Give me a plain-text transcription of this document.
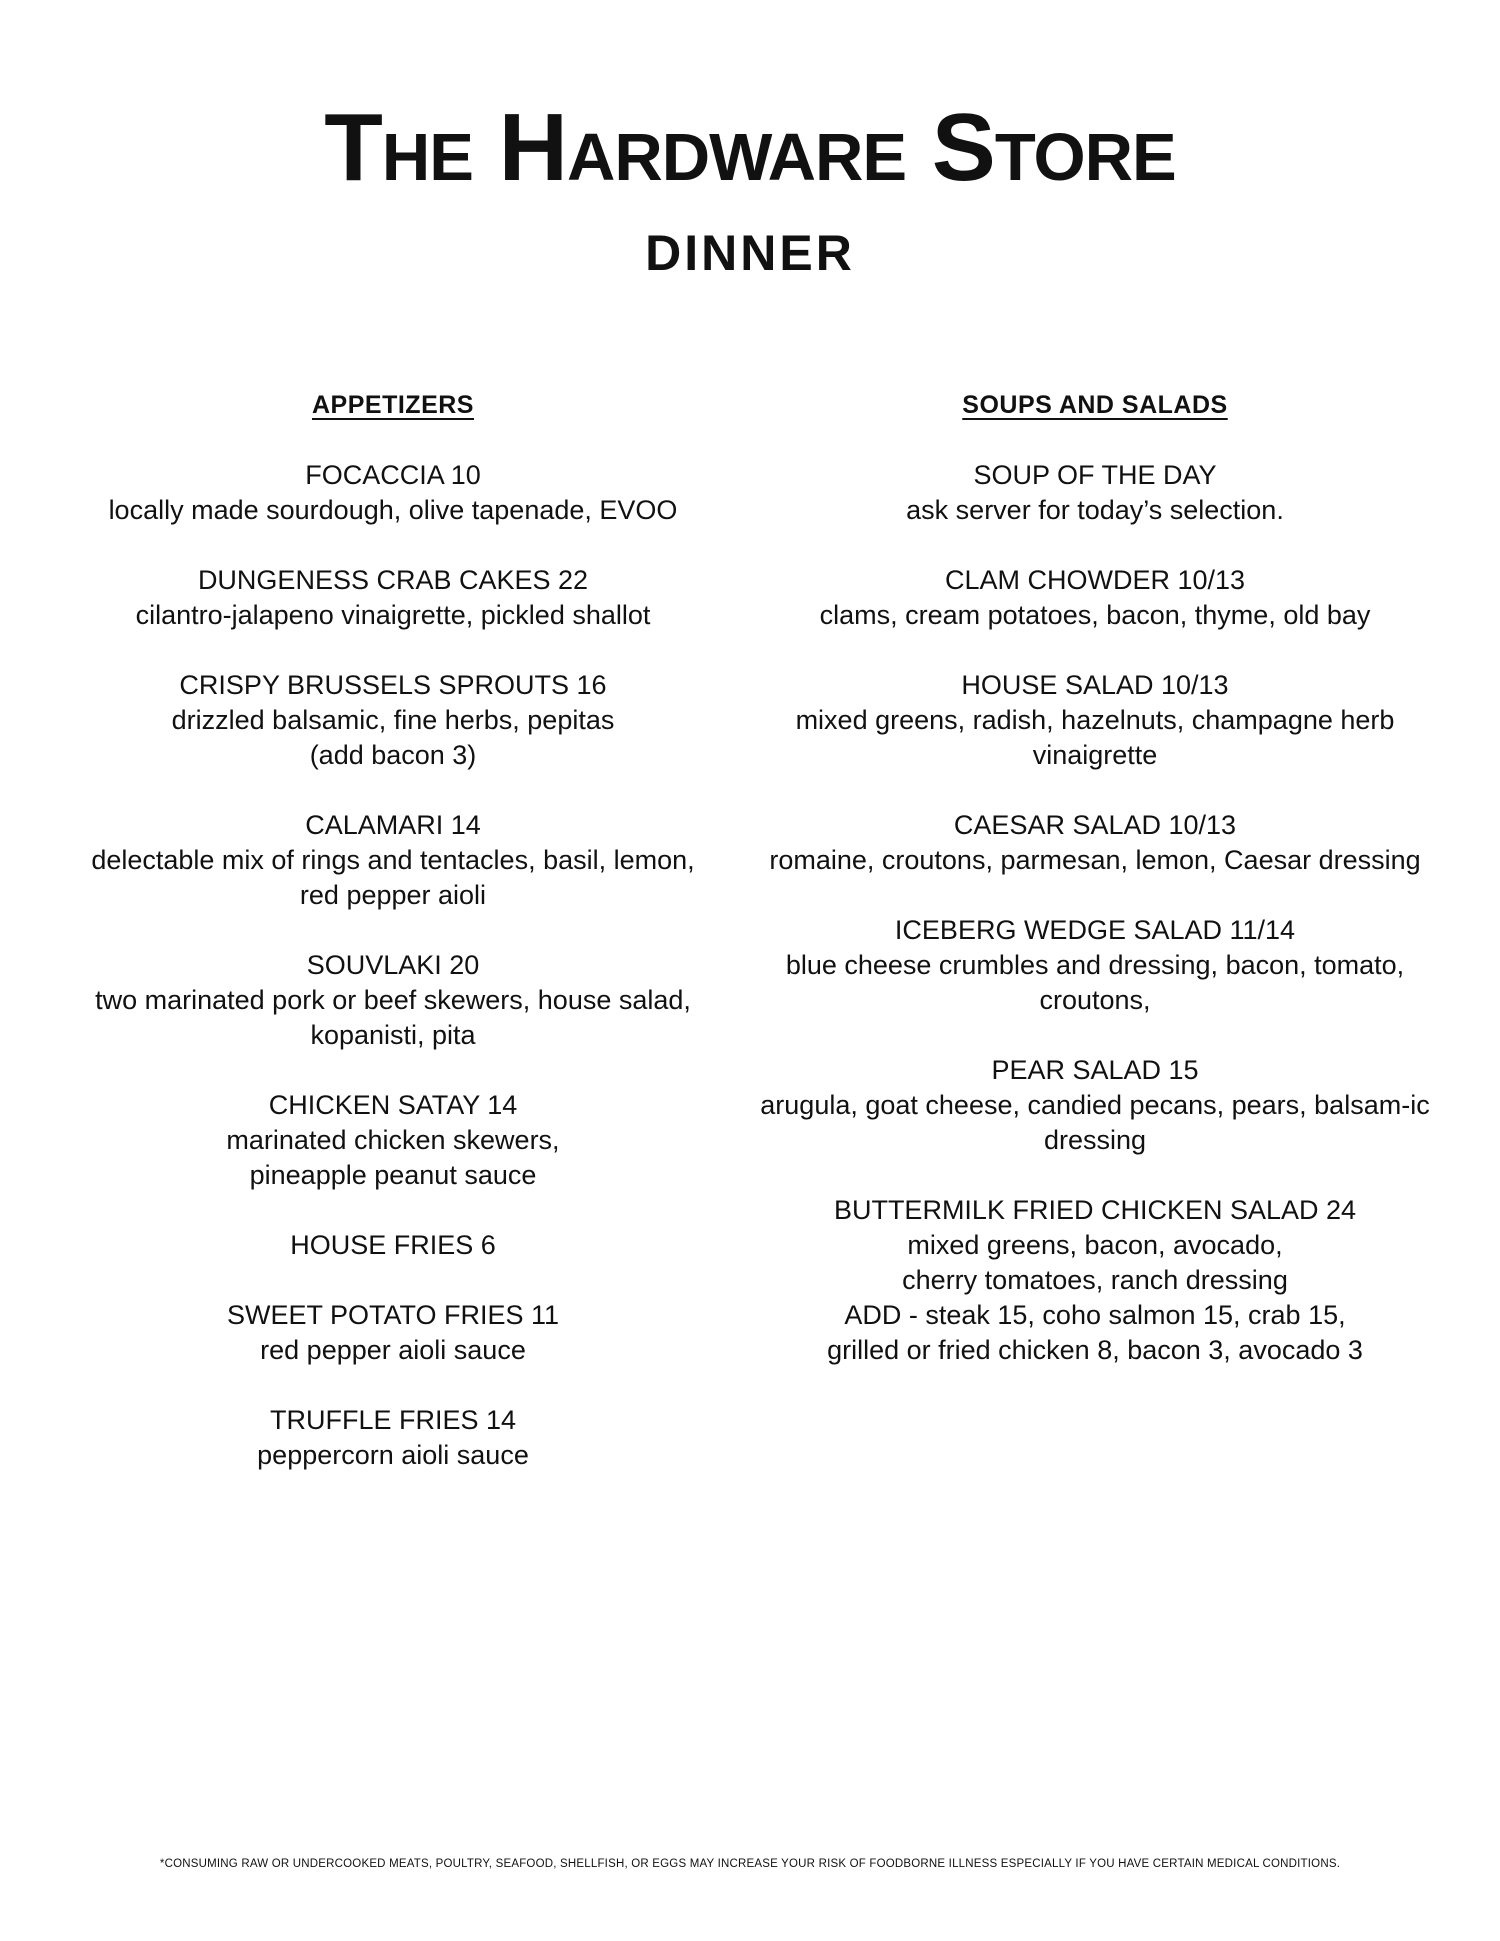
The Hardware Store
DINNER
APPETIZERS
FOCACCIA 10
locally made sourdough, olive tapenade, EVOO
DUNGENESS CRAB CAKES 22
cilantro-jalapeno vinaigrette, pickled shallot
CRISPY BRUSSELS SPROUTS 16
drizzled balsamic, fine herbs, pepitas
(add bacon 3)
CALAMARI 14
delectable mix of rings and tentacles, basil, lemon, red pepper aioli
SOUVLAKI 20
two marinated pork or beef skewers, house salad, kopanisti, pita
CHICKEN SATAY 14
marinated chicken skewers,
pineapple peanut sauce
HOUSE FRIES 6
SWEET POTATO FRIES 11
red pepper aioli sauce
TRUFFLE FRIES 14
peppercorn aioli sauce
SOUPS AND SALADS
SOUP OF THE DAY
ask server for today’s selection.
CLAM CHOWDER 10/13
clams, cream potatoes, bacon, thyme, old bay
HOUSE SALAD 10/13
mixed greens, radish, hazelnuts, champagne herb vinaigrette
CAESAR SALAD 10/13
romaine, croutons, parmesan, lemon, Caesar dressing
ICEBERG WEDGE SALAD 11/14
blue cheese crumbles and dressing, bacon, tomato, croutons,
PEAR SALAD 15
arugula, goat cheese, candied pecans, pears, balsam-ic dressing
BUTTERMILK FRIED CHICKEN SALAD 24
mixed greens, bacon, avocado,
cherry tomatoes, ranch dressing
ADD - steak 15, coho salmon 15, crab 15,
grilled or fried chicken 8, bacon 3, avocado 3

*CONSUMING RAW OR UNDERCOOKED MEATS, POULTRY, SEAFOOD, SHELLFISH, OR EGGS MAY INCREASE YOUR RISK OF FOODBORNE ILLNESS ESPECIALLY IF YOU HAVE CERTAIN MEDICAL CONDITIONS.
